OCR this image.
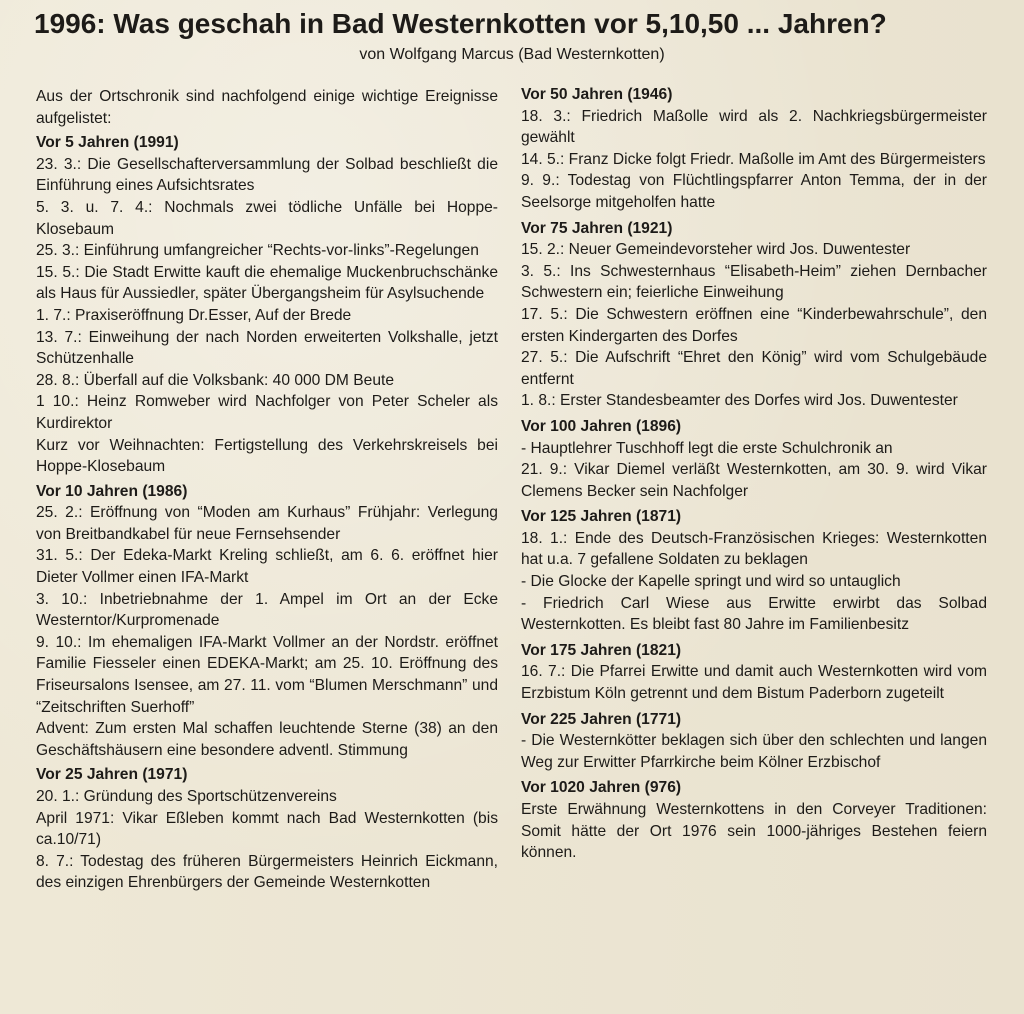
1996: Was geschah in Bad Westernkotten vor 5,10,50 ... Jahren?
von Wolfgang Marcus (Bad Westernkotten)

Aus der Ortschronik sind nachfolgend einige wichtige Ereignisse aufgelistet:

Vor 5 Jahren (1991)

23. 3.: Die Gesellschafterversammlung der Solbad beschließt die Einführung eines Aufsichtsrates

5. 3. u. 7. 4.: Nochmals zwei tödliche Unfälle bei Hoppe-Klosebaum

25. 3.: Einführung umfangreicher “Rechts-vor-links”-Regelungen

15. 5.: Die Stadt Erwitte kauft die ehemalige Muckenbruchschänke als Haus für Aussiedler, später Übergangsheim für Asylsuchende

1. 7.: Praxiseröffnung Dr.Esser, Auf der Brede

13. 7.: Einweihung der nach Norden erweiterten Volkshalle, jetzt Schützenhalle

28. 8.: Überfall auf die Volksbank: 40 000 DM Beute

1 10.: Heinz Romweber wird Nachfolger von Peter Scheler als Kurdirektor

Kurz vor Weihnachten: Fertigstellung des Verkehrskreisels bei Hoppe-Klosebaum

Vor 10 Jahren (1986)

25. 2.: Eröffnung von “Moden am Kurhaus” Frühjahr: Verlegung von Breitbandkabel für neue Fernsehsender

31. 5.: Der Edeka-Markt Kreling schließt, am 6. 6. eröffnet hier Dieter Vollmer einen IFA-Markt

3. 10.: Inbetriebnahme der 1. Ampel im Ort an der Ecke Westerntor/Kurpromenade

9. 10.: Im ehemaligen IFA-Markt Vollmer an der Nordstr. eröffnet Familie Fiesseler einen EDEKA-Markt; am 25. 10. Eröffnung des Friseursalons Isensee, am 27. 11. vom “Blumen Merschmann” und “Zeitschriften Suerhoff”

Advent: Zum ersten Mal schaffen leuchtende Sterne (38) an den Geschäftshäusern eine besondere adventl. Stimmung

Vor 25 Jahren (1971)

20. 1.: Gründung des Sportschützenvereins

April 1971: Vikar Eßleben kommt nach Bad Westernkotten (bis ca.10/71)

8. 7.: Todestag des früheren Bürgermeisters Heinrich Eickmann, des einzigen Ehrenbürgers der Gemeinde Westernkotten

Vor 50 Jahren (1946)

18. 3.: Friedrich Maßolle wird als 2. Nachkriegsbürgermeister gewählt

14. 5.: Franz Dicke folgt Friedr. Maßolle im Amt des Bürgermeisters

9. 9.: Todestag von Flüchtlingspfarrer Anton Temma, der in der Seelsorge mitgeholfen hatte

Vor 75 Jahren (1921)

15. 2.: Neuer Gemeindevorsteher wird Jos. Duwentester

3. 5.: Ins Schwesternhaus “Elisabeth-Heim” ziehen Dernbacher Schwestern ein; feierliche Einweihung

17. 5.: Die Schwestern eröffnen eine “Kinderbewahrschule”, den ersten Kindergarten des Dorfes

27. 5.: Die Aufschrift “Ehret den König” wird vom Schulgebäude entfernt

1. 8.: Erster Standesbeamter des Dorfes wird Jos. Duwentester

Vor 100 Jahren (1896)

- Hauptlehrer Tuschhoff legt die erste Schulchronik an

21. 9.: Vikar Diemel verläßt Westernkotten, am 30. 9. wird Vikar Clemens Becker sein Nachfolger

Vor 125 Jahren (1871)

18. 1.: Ende des Deutsch-Französischen Krieges: Westernkotten hat u.a. 7 gefallene Soldaten zu beklagen

- Die Glocke der Kapelle springt und wird so untauglich

- Friedrich Carl Wiese aus Erwitte erwirbt das Solbad Westernkotten. Es bleibt fast 80 Jahre im Familienbesitz

Vor 175 Jahren (1821)

16. 7.: Die Pfarrei Erwitte und damit auch Westernkotten wird vom Erzbistum Köln getrennt und dem Bistum Paderborn zugeteilt

Vor 225 Jahren (1771)

- Die Westernkötter beklagen sich über den schlechten und langen Weg zur Erwitter Pfarrkirche beim Kölner Erzbischof

Vor 1020 Jahren (976)

Erste Erwähnung Westernkottens in den Corveyer Traditionen: Somit hätte der Ort 1976 sein 1000-jähriges Bestehen feiern können.
